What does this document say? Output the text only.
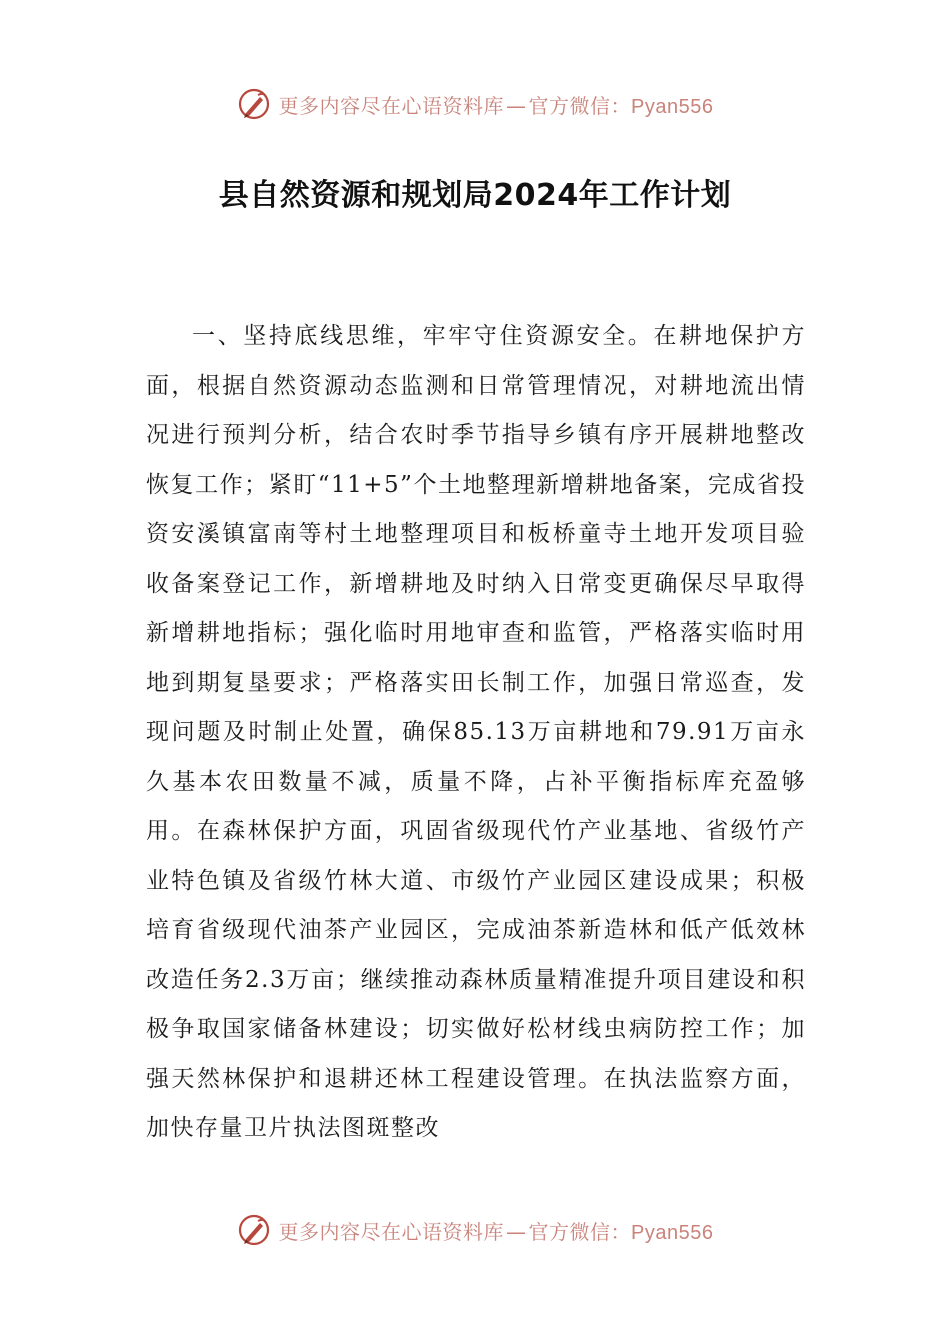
更多内容尽在心语资料库 — 官方微信： Pyan556
县自然资源和规划局2024年工作计划

一、坚持底线思维，牢牢守住资源安全。在耕地保护方面，根据自然资源动态监测和日常管理情况，对耕地流出情况进行预判分析，结合农时季节指导乡镇有序开展耕地整改恢复工作；紧盯“11+5”个土地整理新增耕地备案，完成省投资安溪镇富南等村土地整理项目和板桥童寺土地开发项目验收备案登记工作，新增耕地及时纳入日常变更确保尽早取得新增耕地指标；强化临时用地审查和监管，严格落实临时用地到期复垦要求；严格落实田长制工作，加强日常巡查，发现问题及时制止处置，确保85.13万亩耕地和79.91万亩永久基本农田数量不减，质量不降，占补平衡指标库充盈够用。在森林保护方面，巩固省级现代竹产业基地、省级竹产业特色镇及省级竹林大道、市级竹产业园区建设成果；积极培育省级现代油茶产业园区，完成油茶新造林和低产低效林改造任务2.3万亩；继续推动森林质量精准提升项目建设和积极争取国家储备林建设；切实做好松材线虫病防控工作；加强天然林保护和退耕还林工程建设管理。在执法监察方面，加快存量卫片执法图斑整改

更多内容尽在心语资料库 — 官方微信： Pyan556
